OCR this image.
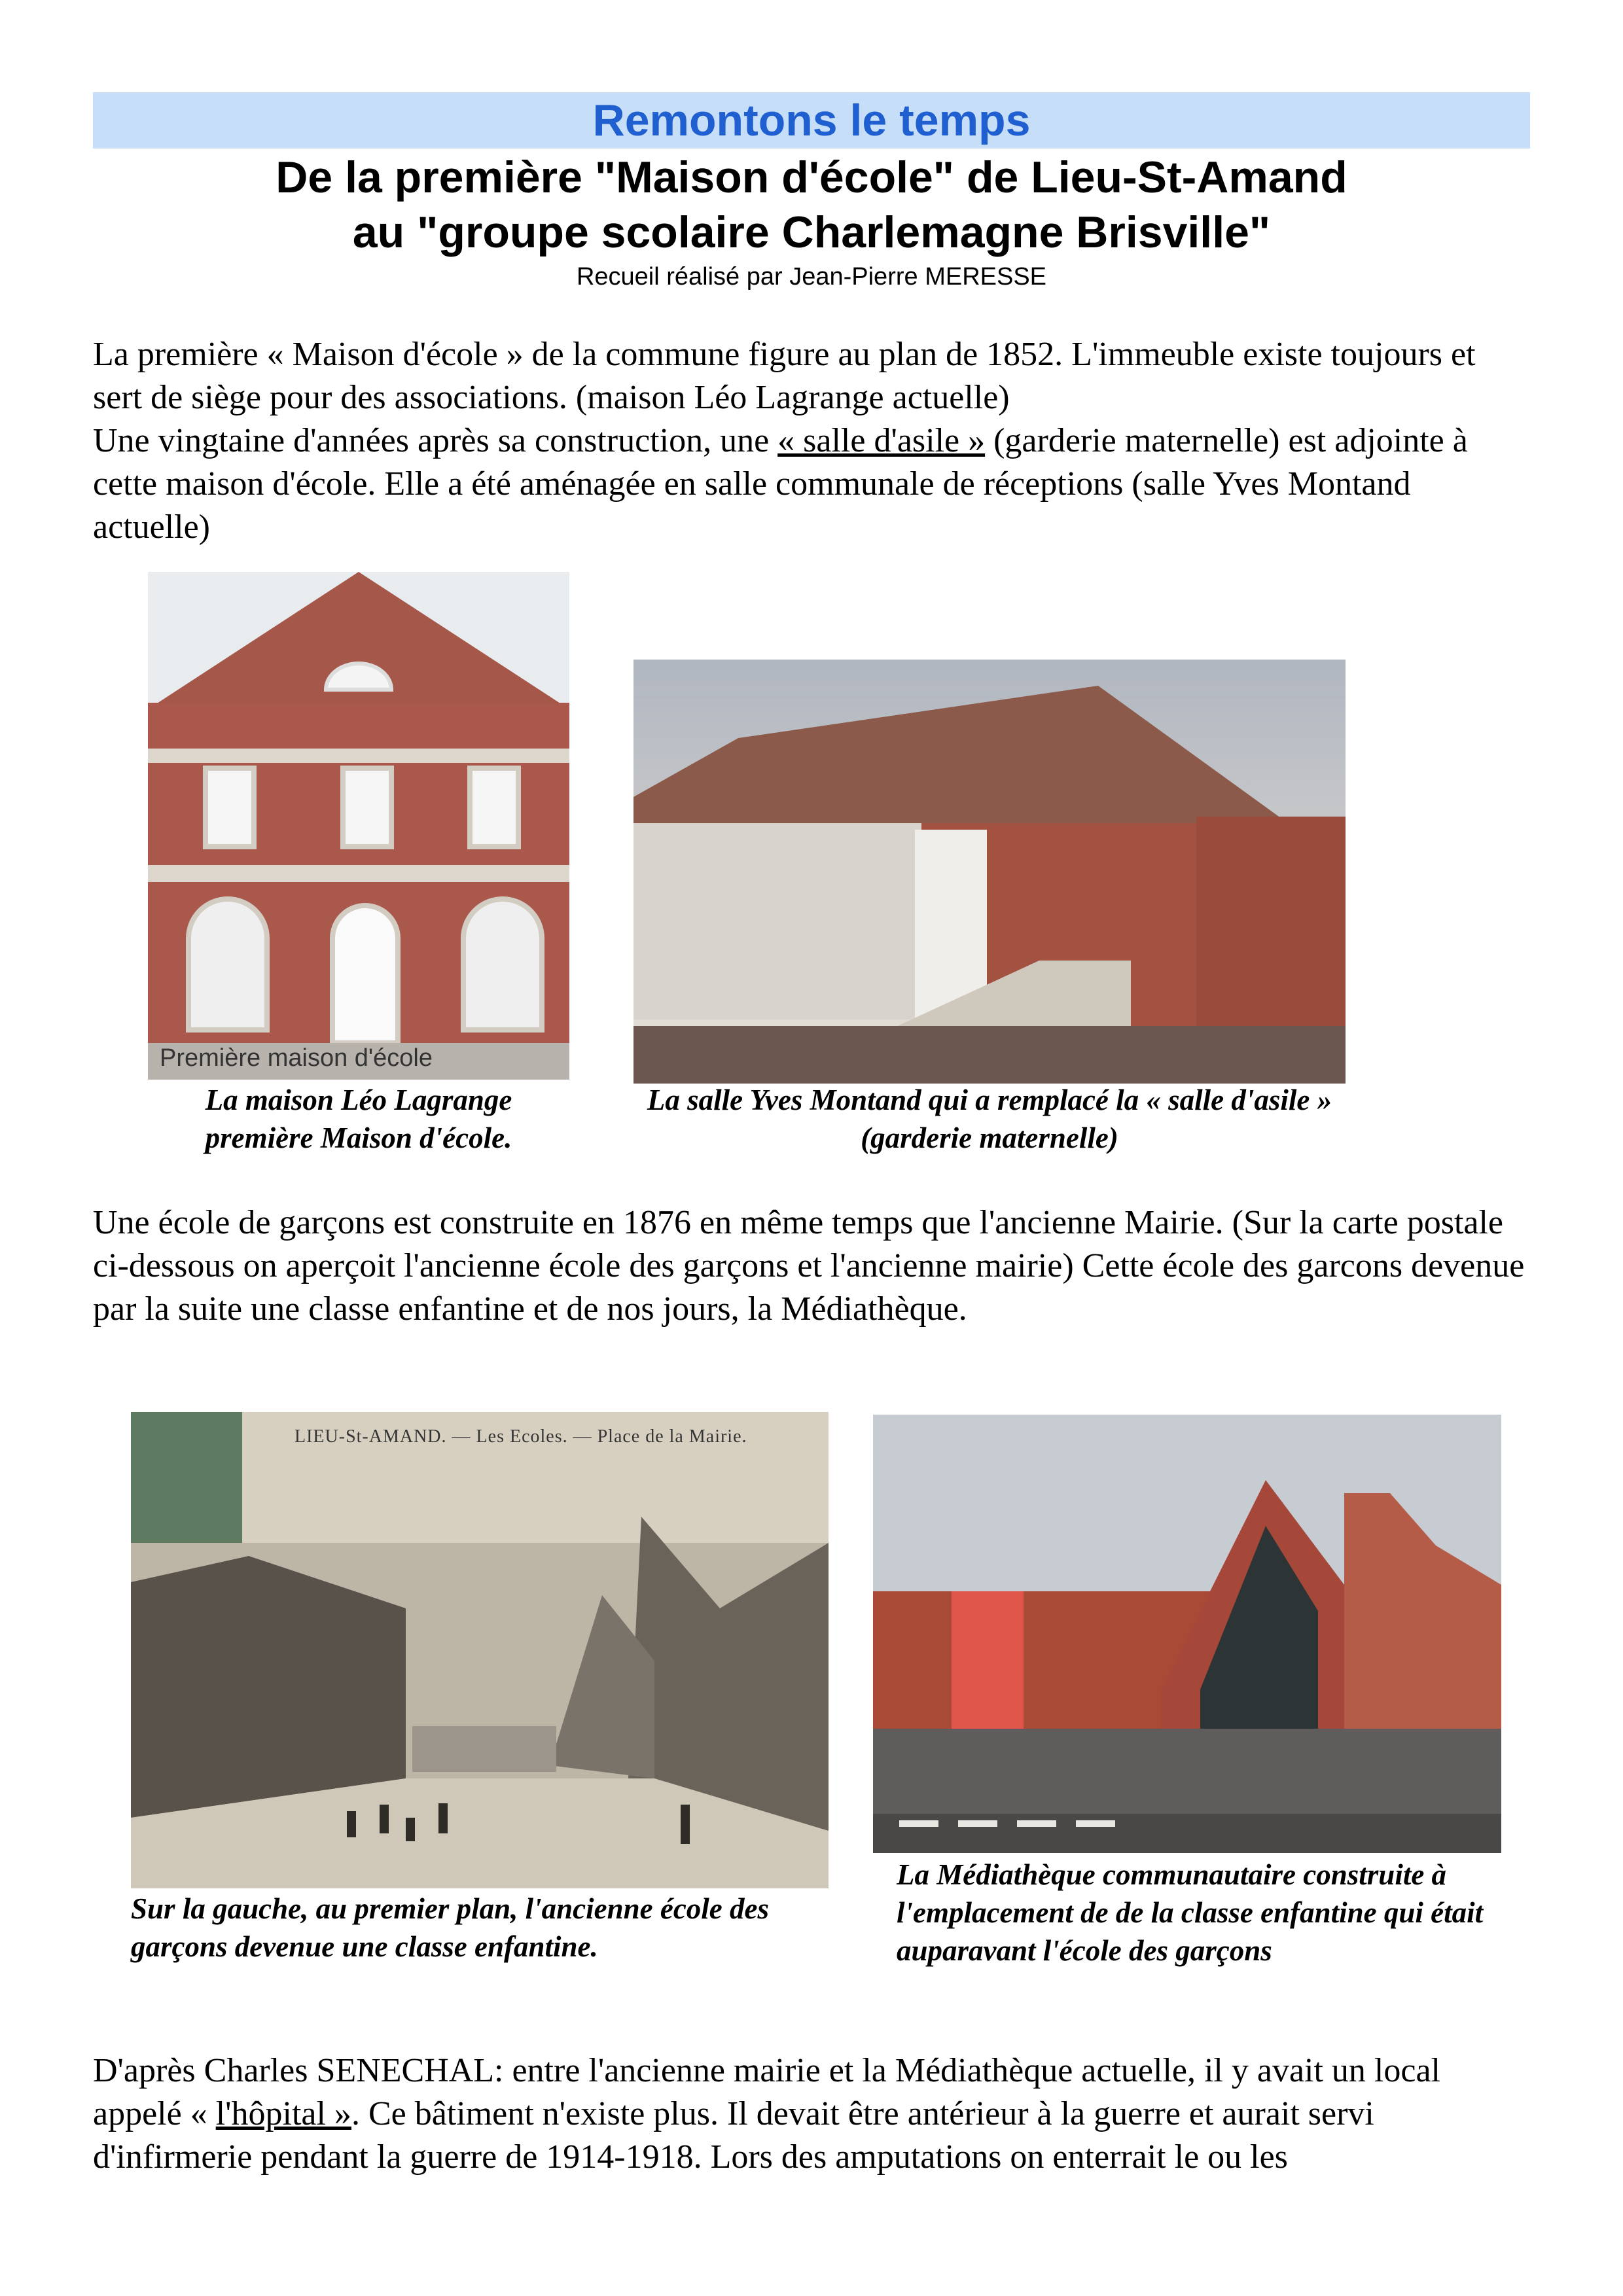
Remontons le temps
De la première "Maison d'école" de Lieu-St-Amand
au "groupe scolaire Charlemagne Brisville"
Recueil réalisé par Jean-Pierre MERESSE
La première « Maison d'école » de la commune figure au plan de 1852. L'immeuble existe toujours et sert de siège pour des associations. (maison Léo Lagrange actuelle)
Une vingtaine d'années après sa construction, une « salle d'asile » (garderie maternelle) est adjointe à cette maison d'école. Elle a été aménagée en salle communale de réceptions (salle Yves Montand actuelle)
Première maison d'école
La maison Léo Lagrange première Maison d'école.
La salle Yves Montand qui a remplacé la « salle d'asile » (garderie maternelle)
Une école de garçons est construite en 1876 en même temps que l'ancienne Mairie. (Sur la carte postale ci-dessous on aperçoit l'ancienne école des garçons et l'ancienne mairie) Cette école des garcons devenue par la suite une classe enfantine et de nos jours, la Médiathèque.
LIEU-St-AMAND. — Les Ecoles. — Place de la Mairie.
Sur la gauche, au premier plan, l'ancienne école des garçons devenue une classe enfantine.
La Médiathèque communautaire construite à l'emplacement de de la classe enfantine qui était auparavant l'école des garçons
D'après Charles SENECHAL: entre l'ancienne mairie et la Médiathèque actuelle, il y avait un local appelé « l'hôpital ». Ce bâtiment n'existe plus. Il devait être antérieur à la guerre et aurait servi d'infirmerie pendant la guerre de 1914-1918. Lors des amputations on enterrait le ou les
